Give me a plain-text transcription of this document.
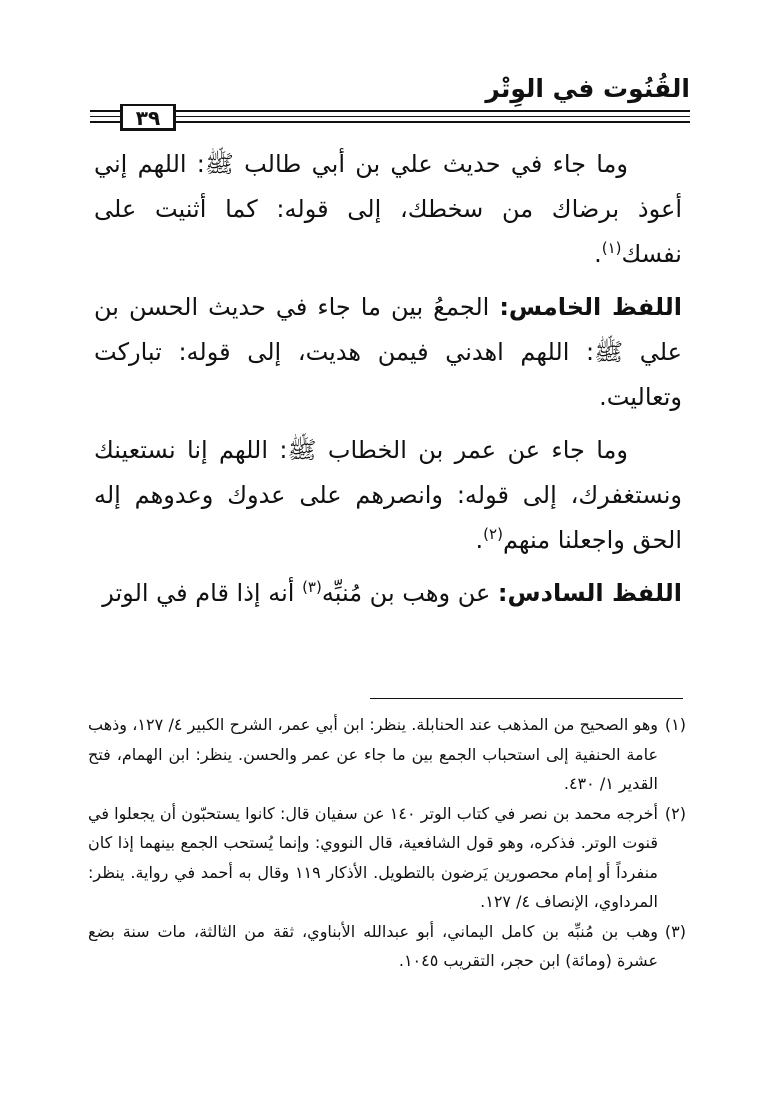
القُنُوت في الوِتْر
٣٩

وما جاء في حديث علي بن أبي طالب ﷺ: اللهم إني أعوذ برضاك من سخطك، إلى قوله: كما أثنيت على نفسك$^{(١)}$.

اللفظ الخامس: الجمعُ بين ما جاء في حديث الحسن بن علي ﷺ: اللهم اهدني فيمن هديت، إلى قوله: تباركت وتعاليت.

وما جاء عن عمر بن الخطاب ﷺ: اللهم إنا نستعينك ونستغفرك، إلى قوله: وانصرهم على عدوك وعدوهم إله الحق واجعلنا منهم$^{(٢)}$.

اللفظ السادس: عن وهب بن مُنبِّه$^{(٣)}$ أنه إذا قام في الوتر

(١)وهو الصحيح من المذهب عند الحنابلة. ينظر: ابن أبي عمر، الشرح الكبير ٤/ ١٢٧، وذهب عامة الحنفية إلى استحباب الجمع بين ما جاء عن عمر والحسن. ينظر: ابن الهمام، فتح القدير ١/ ٤٣٠.

(٢)أخرجه محمد بن نصر في كتاب الوتر ١٤٠ عن سفيان قال: كانوا يستحبّون أن يجعلوا في قنوت الوتر. فذكره، وهو قول الشافعية، قال النووي: وإنما يُستحب الجمع بينهما إذا كان منفرداً أو إمام محصورين يَرضون بالتطويل. الأذكار ١١٩ وقال به أحمد في رواية. ينظر: المرداوي، الإنصاف ٤/ ١٢٧.

(٣)وهب بن مُنبِّه بن كامل اليماني، أبو عبدالله الأبناوي، ثقة من الثالثة، مات سنة بضع عشرة (ومائة) ابن حجر، التقريب ١٠٤٥.
